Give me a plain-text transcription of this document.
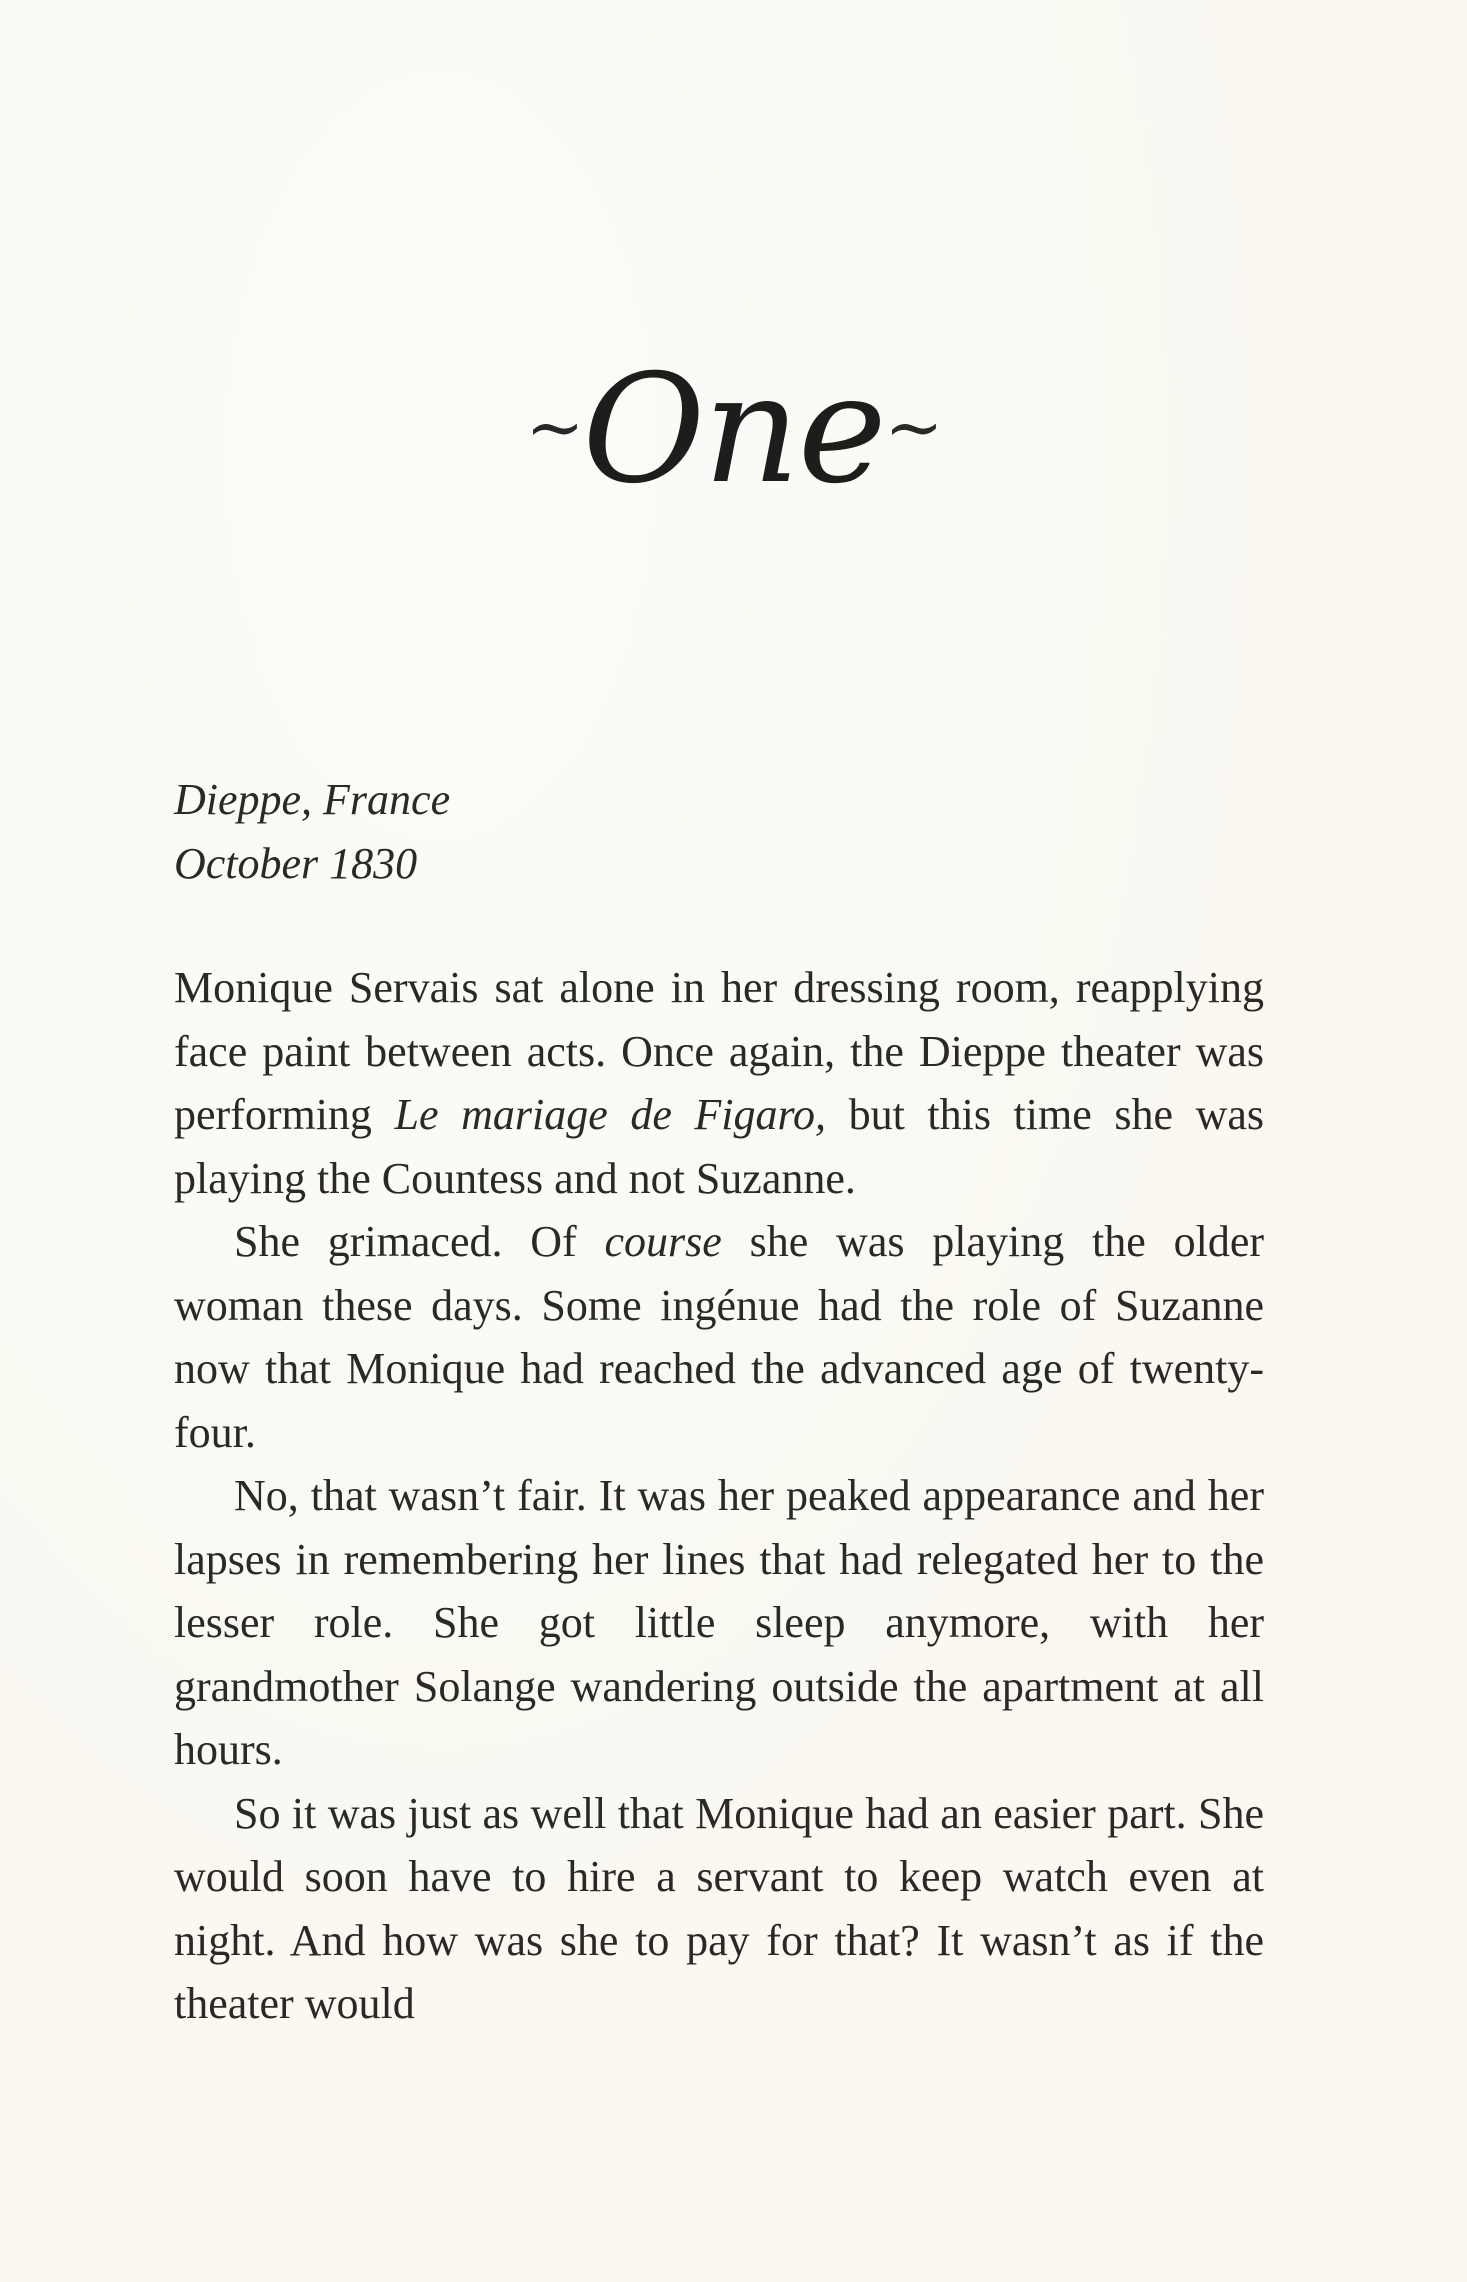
~One~
Dieppe, France
October 1830

Monique Servais sat alone in her dressing room, reapplying face paint between acts. Once again, the Dieppe theater was performing Le mariage de Figaro, but this time she was playing the Countess and not Suzanne.

She grimaced. Of course she was playing the older woman these days. Some ingénue had the role of Suzanne now that Monique had reached the advanced age of twenty-four.

No, that wasn’t fair. It was her peaked appearance and her lapses in remembering her lines that had relegated her to the lesser role. She got little sleep anymore, with her grandmother Solange wandering outside the apartment at all hours.

So it was just as well that Monique had an easier part. She would soon have to hire a servant to keep watch even at night. And how was she to pay for that? It wasn’t as if the theater would
